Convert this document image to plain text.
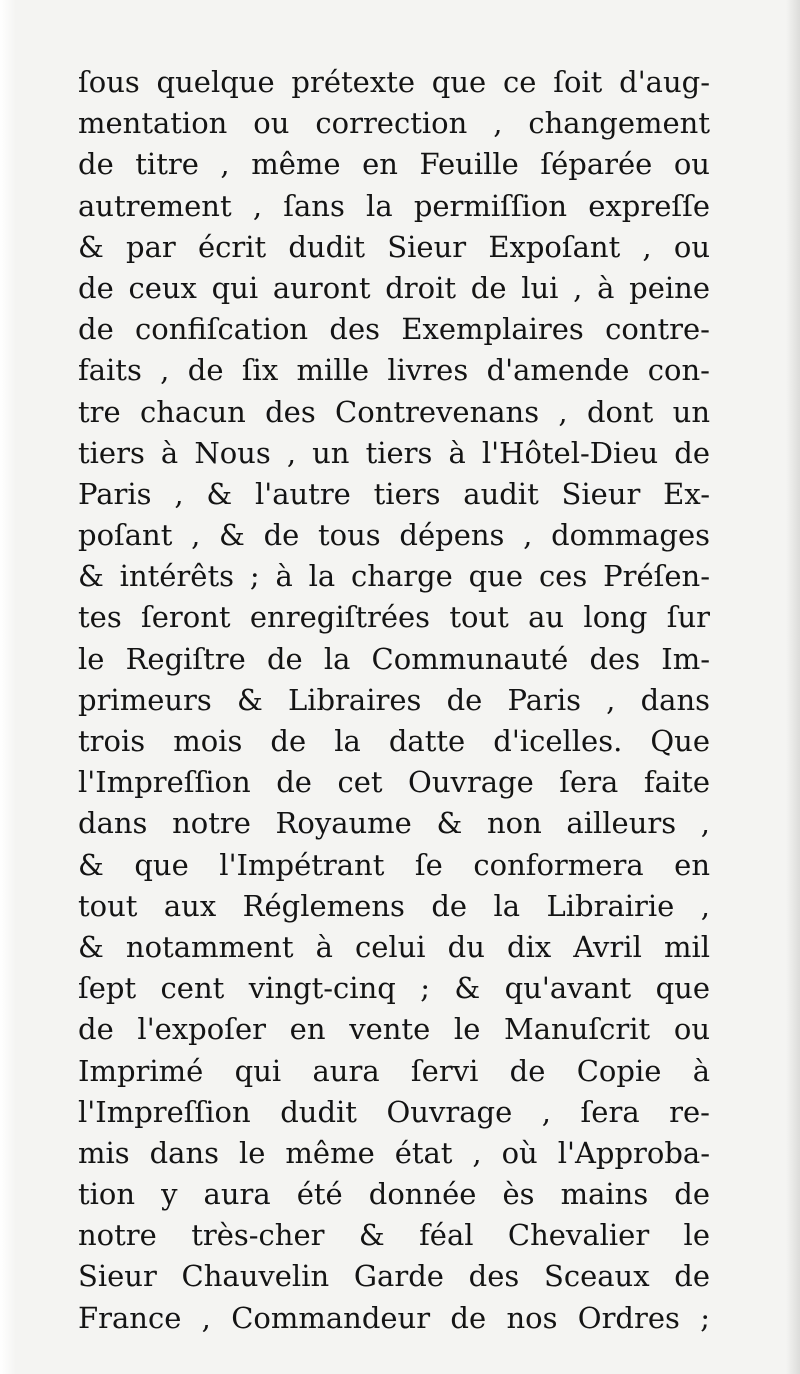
ſous quelque prétexte que ce ſoit d'aug-
mentation ou correction , changement
de titre , même en Feuille ſéparée ou
autrement , ſans la permiſſion expreſſe
& par écrit dudit Sieur Expoſant , ou
de ceux qui auront droit de lui , à peine
de confiſcation des Exemplaires contre-
faits , de ſix mille livres d'amende con-
tre chacun des Contrevenans , dont un
tiers à Nous , un tiers à l'Hôtel-Dieu de
Paris , & l'autre tiers audit Sieur Ex-
poſant , & de tous dépens , dommages
& intérêts ; à la charge que ces Préſen-
tes ſeront enregiſtrées tout au long ſur
le Regiſtre de la Communauté des Im-
primeurs & Libraires de Paris , dans
trois mois de la datte d'icelles. Que
l'Impreſſion de cet Ouvrage ſera faite
dans notre Royaume & non ailleurs ,
& que l'Impétrant ſe conformera en
tout aux Réglemens de la Librairie ,
& notamment à celui du dix Avril mil
ſept cent vingt-cinq ; & qu'avant que
de l'expoſer en vente le Manuſcrit ou
Imprimé qui aura ſervi de Copie à
l'Impreſſion dudit Ouvrage , ſera re-
mis dans le même état , où l'Approba-
tion y aura été donnée ès mains de
notre très-cher & féal Chevalier le
Sieur Chauvelin Garde des Sceaux de
France , Commandeur de nos Ordres ;
